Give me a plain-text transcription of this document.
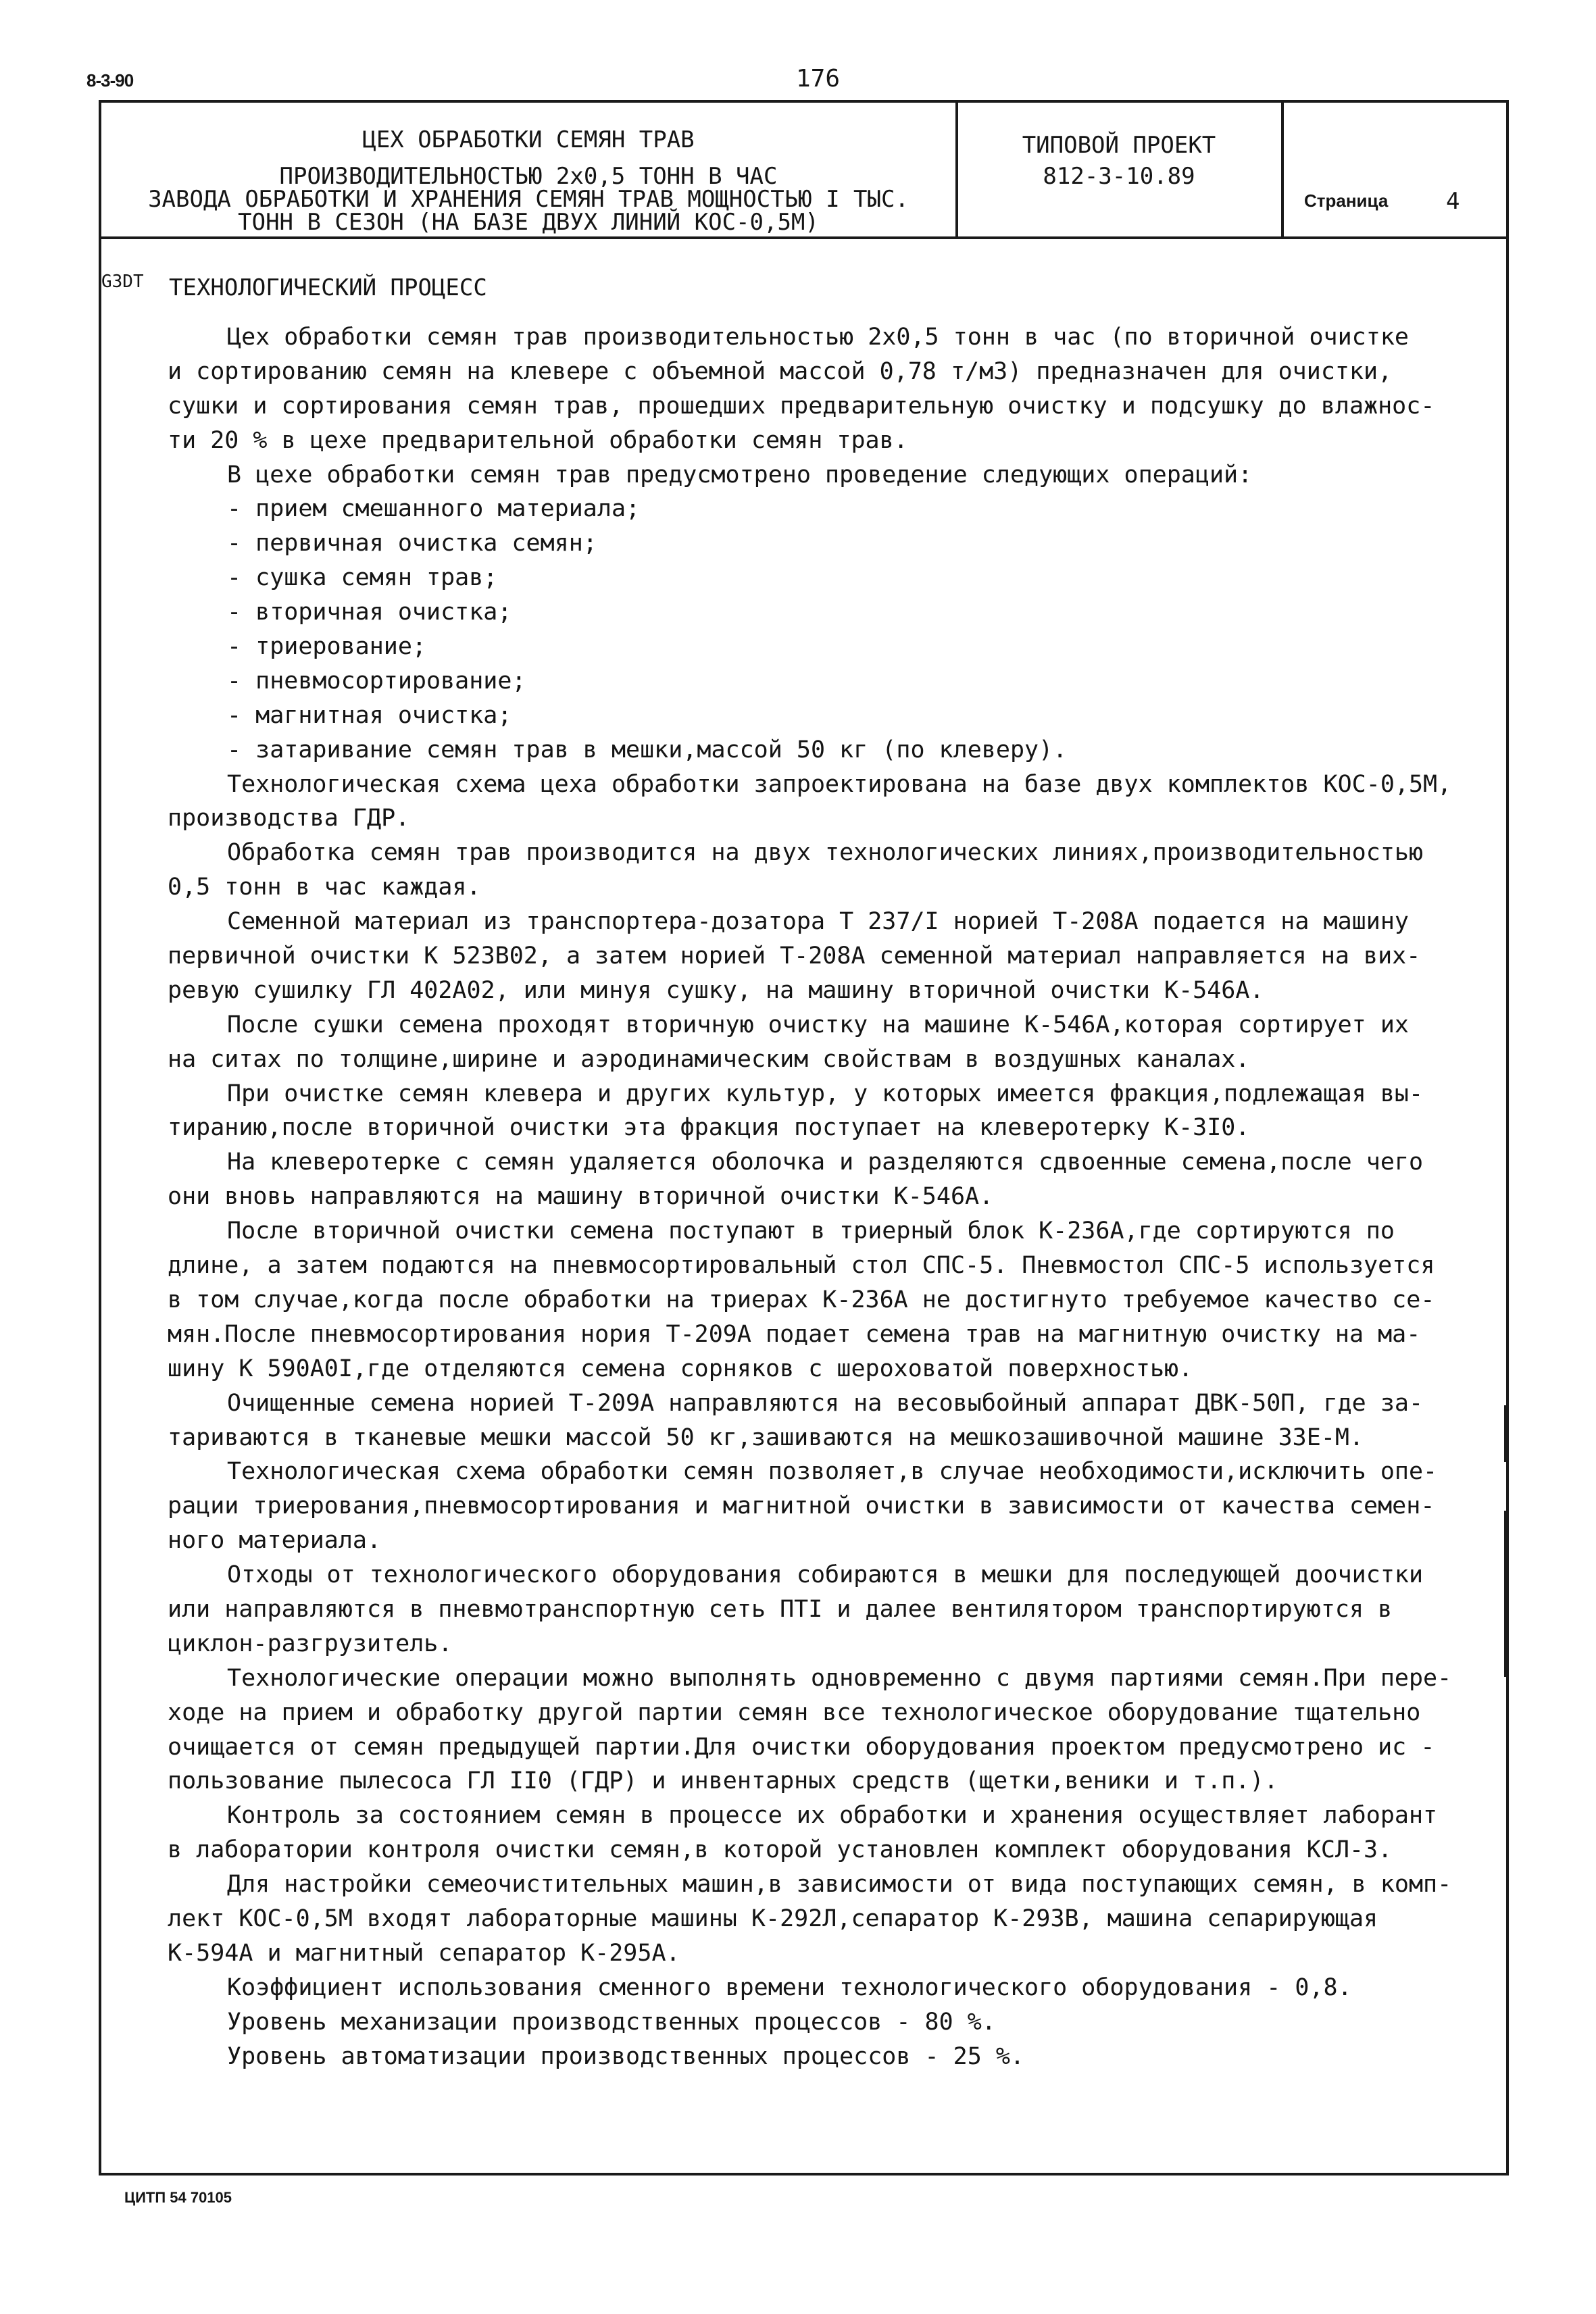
8-3-90	176
ЦЕХ ОБРАБОТКИ СЕМЯН ТРАВ
ПРОИЗВОДИТЕЛЬНОСТЬЮ 2х0,5 ТОНН В ЧАС
ЗАВОДА ОБРАБОТКИ И ХРАНЕНИЯ СЕМЯН ТРАВ МОЩНОСТЬЮ I ТЫС.
ТОНН В СЕЗОН (НА БАЗЕ ДВУХ ЛИНИЙ КОС-0,5М)
ТИПОВОЙ ПРОЕКТ
812-3-10.89
Страница	4
G3DT ТЕХНОЛОГИЧЕСКИЙ ПРОЦЕСС
Цех обработки семян трав производительностью 2х0,5 тонн в час (по вторичной очистке
и сортированию семян на клевере с объемной массой 0,78 т/м3) предназначен для очистки,
сушки и сортирования семян трав, прошедших предварительную очистку и подсушку до влажнос-
ти 20 % в цехе предварительной обработки семян трав.
В цехе обработки семян трав предусмотрено проведение следующих операций:
- прием смешанного материала;
- первичная очистка семян;
- сушка семян трав;
- вторичная очистка;
- триерование;
- пневмосортирование;
- магнитная очистка;
- затаривание семян трав в мешки,массой 50 кг (по клеверу).
Технологическая схема цеха обработки запроектирована на базе двух комплектов КОС-0,5М,
производства ГДР.
Обработка семян трав производится на двух технологических линиях,производительностью
0,5 тонн в час каждая.
Семенной материал из транспортера-дозатора Т 237/I норией Т-208А подается на машину
первичной очистки К 523В02, а затем норией Т-208А семенной материал направляется на вих-
ревую сушилку ГЛ 402А02, или минуя сушку, на машину вторичной очистки К-546А.
После сушки семена проходят вторичную очистку на машине К-546А,которая сортирует их
на ситах по толщине,ширине и аэродинамическим свойствам в воздушных каналах.
При очистке семян клевера и других культур, у которых имеется фракция,подлежащая вы-
тиранию,после вторичной очистки эта фракция поступает на клеверотерку К-3I0.
На клеверотерке с семян удаляется оболочка и разделяются сдвоенные семена,после чего
они вновь направляются на машину вторичной очистки К-546А.
После вторичной очистки семена поступают в триерный блок К-236А,где сортируются по
длине, а затем подаются на пневмосортировальный стол СПС-5. Пневмостол СПС-5 используется
в том случае,когда после обработки на триерах К-236А не достигнуто требуемое качество се-
мян.После пневмосортирования нория Т-209А подает семена трав на магнитную очистку на ма-
шину К 590А0I,где отделяются семена сорняков с шероховатой поверхностью.
Очищенные семена норией Т-209А направляются на весовыбойный аппарат ДВК-50П, где за-
тариваются в тканевые мешки массой 50 кг,зашиваются на мешкозашивочной машине 33Е-М.
Технологическая схема обработки семян позволяет,в случае необходимости,исключить опе-
рации триерования,пневмосортирования и магнитной очистки в зависимости от качества семен-
ного материала.
Отходы от технологического оборудования собираются в мешки для последующей доочистки
или направляются в пневмотранспортную сеть ПТI и далее вентилятором транспортируются в
циклон-разгрузитель.
Технологические операции можно выполнять одновременно с двумя партиями семян.При пере-
ходе на прием и обработку другой партии семян все технологическое оборудование тщательно
очищается от семян предыдущей партии.Для очистки оборудования проектом предусмотрено ис -
пользование пылесоса ГЛ II0 (ГДР) и инвентарных средств (щетки,веники и т.п.).
Контроль за состоянием семян в процессе их обработки и хранения осуществляет лаборант
в лаборатории контроля очистки семян,в которой установлен комплект оборудования КСЛ-3.
Для настройки семеочистительных машин,в зависимости от вида поступающих семян, в комп-
лект КОС-0,5М входят лабораторные машины К-292Л,сепаратор К-293В, машина сепарирующая
К-594А и магнитный сепаратор К-295А.
Коэффициент использования сменного времени технологического оборудования - 0,8.
Уровень механизации производственных процессов - 80 %.
Уровень автоматизации производственных процессов - 25 %.
ЦИТП 54 70105
